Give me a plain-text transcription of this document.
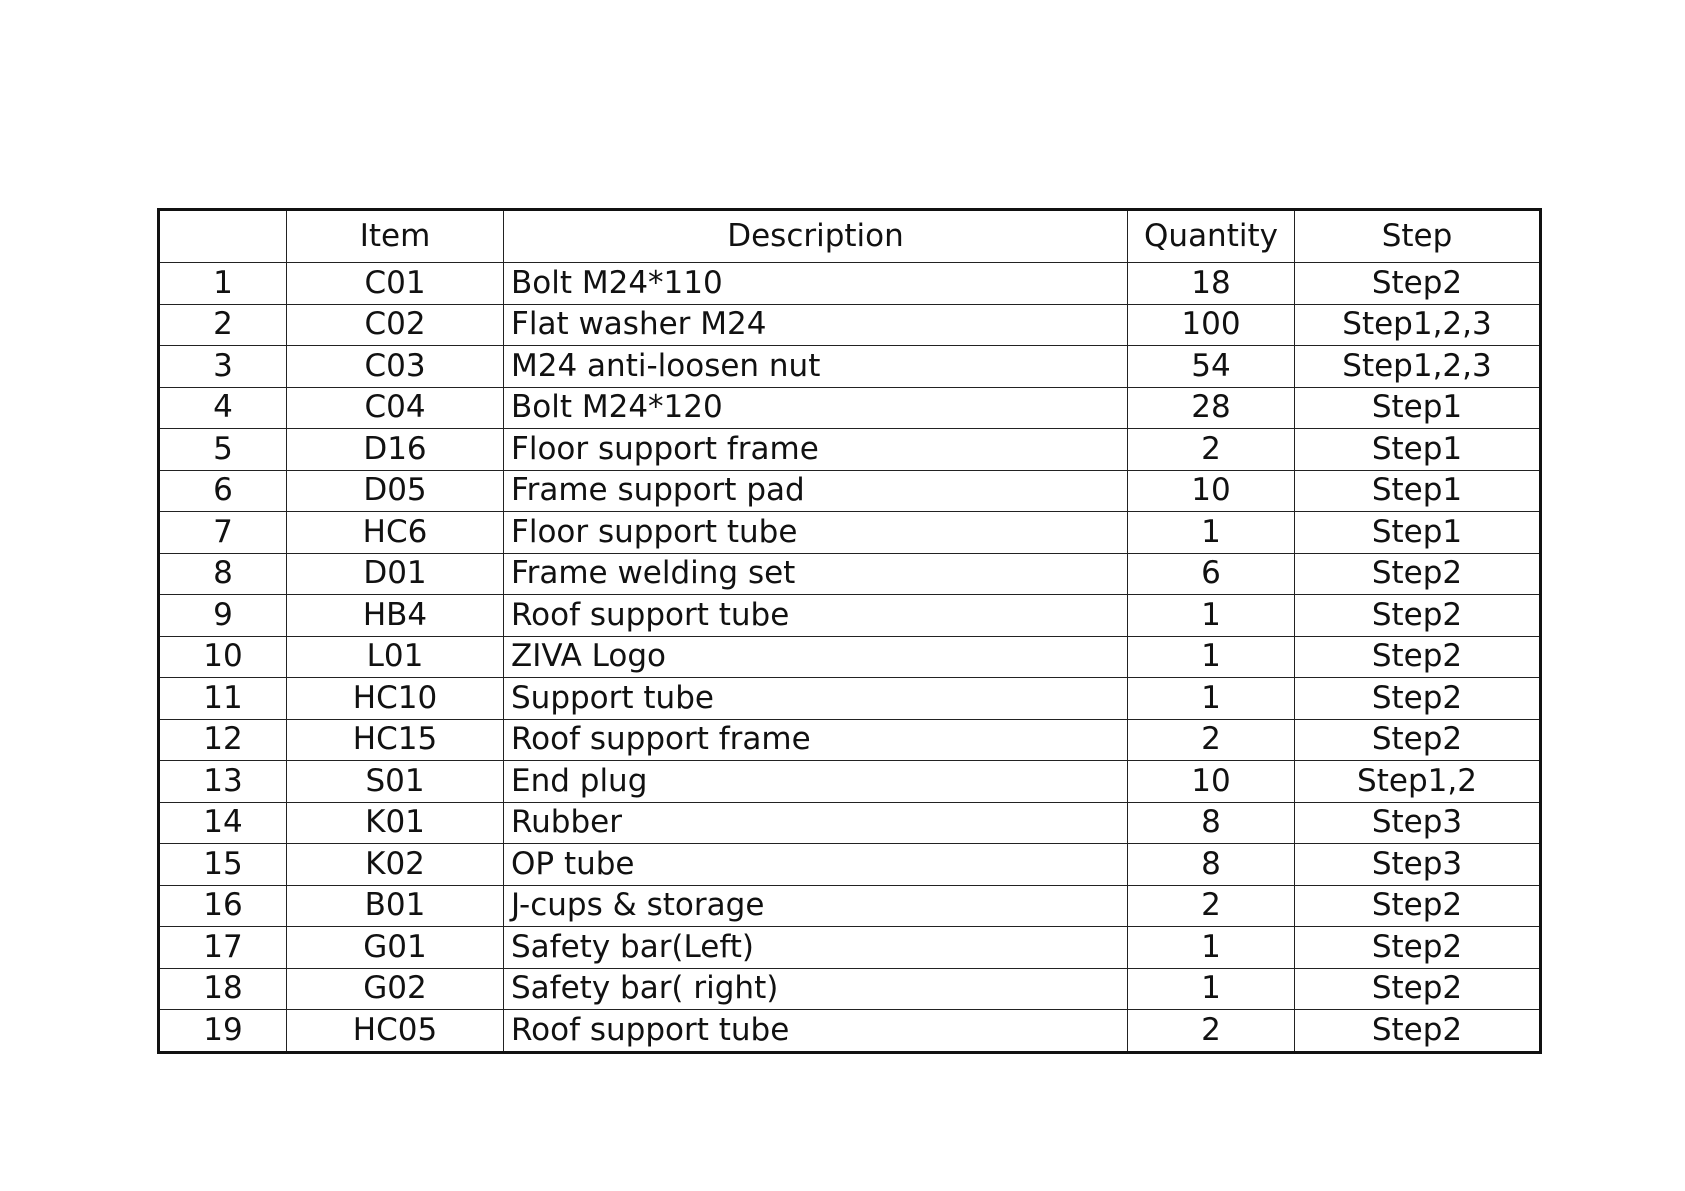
	Item	Description	Quantity	Step
1	C01	Bolt M24*110	18	Step2
2	C02	Flat washer M24	100	Step1,2,3
3	C03	M24 anti-loosen nut	54	Step1,2,3
4	C04	Bolt M24*120	28	Step1
5	D16	Floor support frame	2	Step1
6	D05	Frame support pad	10	Step1
7	HC6	Floor support tube	1	Step1
8	D01	Frame welding set	6	Step2
9	HB4	Roof support tube	1	Step2
10	L01	ZIVA Logo	1	Step2
11	HC10	Support tube	1	Step2
12	HC15	Roof support frame	2	Step2
13	S01	End plug	10	Step1,2
14	K01	Rubber	8	Step3
15	K02	OP tube	8	Step3
16	B01	J-cups & storage	2	Step2
17	G01	Safety bar(Left)	1	Step2
18	G02	Safety bar( right)	1	Step2
19	HC05	Roof support tube	2	Step2
